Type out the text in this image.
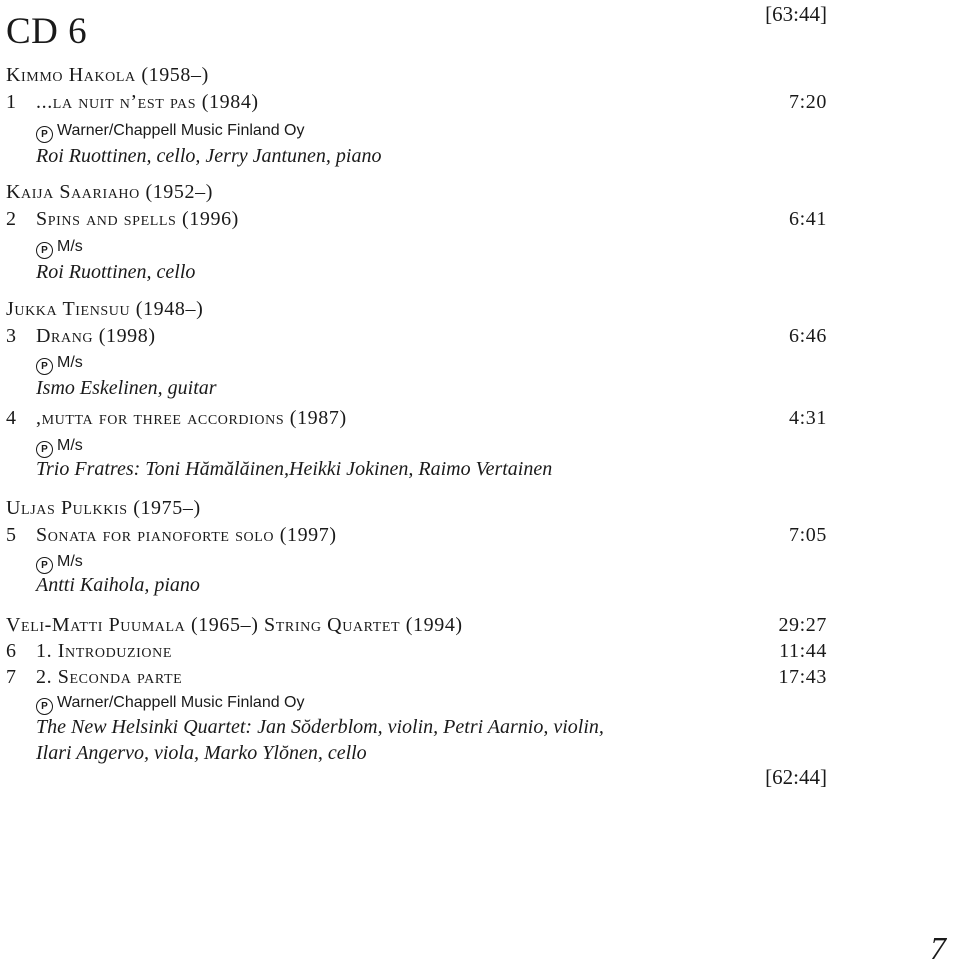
CD 6	[63:44]
Kimmo Hakola (1958–)
1 ...la nuit n’est pas (1984)	7:20
P Warner/Chappell Music Finland Oy
Roi Ruottinen, cello, Jerry Jantunen, piano
Kaija Saariaho (1952–)
2 Spins and spells (1996)	6:41
P M/s
Roi Ruottinen, cello
Jukka Tiensuu (1948–)
3 Drang (1998)	6:46
P M/s
Ismo Eskelinen, guitar
4 ,mutta for three accordions (1987)	4:31
P M/s
Trio Fratres: Toni Hămălăinen,Heikki Jokinen, Raimo Vertainen
Uljas Pulkkis (1975–)
5 Sonata for pianoforte solo (1997)	7:05
P M/s
Antti Kaihola, piano
Veli-Matti Puumala (1965–) String Quartet (1994)	29:27
6 1. Introduzione	11:44
7 2. Seconda parte	17:43
P Warner/Chappell Music Finland Oy
The New Helsinki Quartet: Jan Sŏderblom, violin, Petri Aarnio, violin,
Ilari Angervo, viola, Marko Ylŏnen, cello
[62:44]
7
